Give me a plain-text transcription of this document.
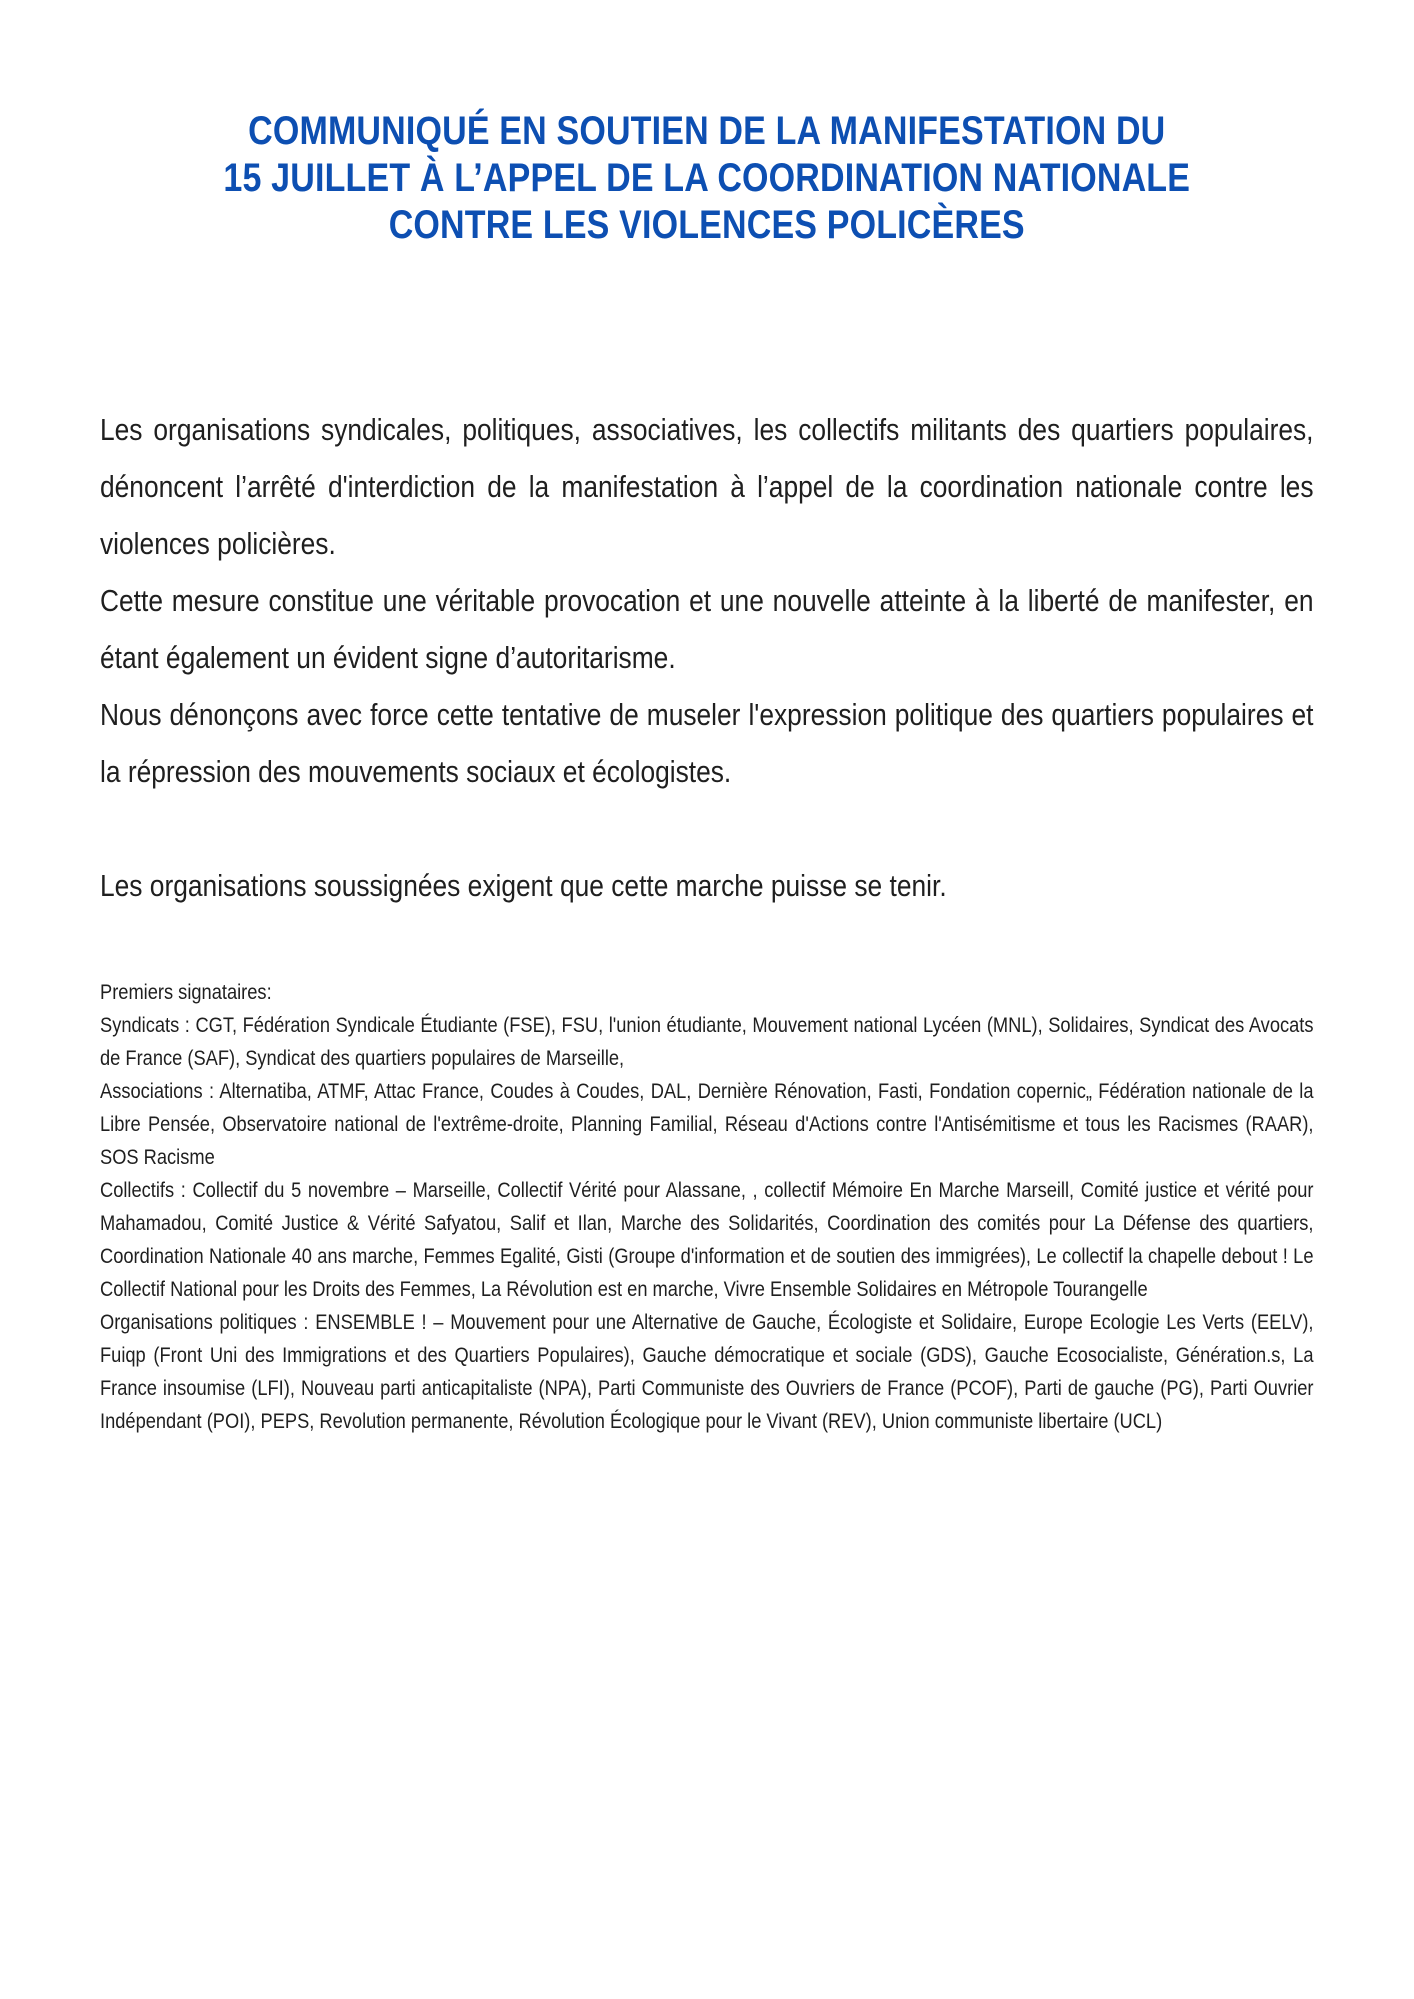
COMMUNIQUÉ EN SOUTIEN DE LA MANIFESTATION DU
15 JUILLET À L’APPEL DE LA COORDINATION NATIONALE
CONTRE LES VIOLENCES POLICÈRES

Les organisations syndicales, politiques, associatives, les collectifs militants des quartiers populaires, dénoncent l’arrêté d'interdiction de la manifestation à l’appel de la coordination nationale contre les violences policières.

Cette mesure constitue une véritable provocation et une nouvelle atteinte à la liberté de manifester, en étant également un évident signe d’autoritarisme.

Nous dénonçons avec force cette tentative de museler l'expression politique des quartiers populaires et la répression des mouvements sociaux et écologistes.

Les organisations soussignées exigent que cette marche puisse se tenir.

Premiers signataires:
Syndicats : CGT, Fédération Syndicale Étudiante (FSE), FSU, l'union étudiante, Mouvement national Lycéen (MNL), Solidaires, Syndicat des Avocats de France (SAF), Syndicat des quartiers populaires de Marseille,
Associations : Alternatiba, ATMF, Attac France, Coudes à Coudes, DAL, Dernière Rénovation, Fasti, Fondation copernic„ Fédération nationale de la Libre Pensée, Observatoire national de l'extrême-droite, Planning Familial, Réseau d'Actions contre l'Antisémitisme et tous les Racismes (RAAR), SOS Racisme
Collectifs : Collectif du 5 novembre – Marseille, Collectif Vérité pour Alassane, , collectif Mémoire En Marche Marseill, Comité justice et vérité pour Mahamadou, Comité Justice & Vérité Safyatou, Salif et Ilan, Marche des Solidarités, Coordination des comités pour La Défense des quartiers, Coordination Nationale 40 ans marche, Femmes Egalité, Gisti (Groupe d'information et de soutien des immigrées), Le collectif la chapelle debout ! Le Collectif National pour les Droits des Femmes, La Révolution est en marche, Vivre Ensemble Solidaires en Métropole Tourangelle
Organisations politiques : ENSEMBLE ! – Mouvement pour une Alternative de Gauche, Écologiste et Solidaire, Europe Ecologie Les Verts (EELV), Fuiqp (Front Uni des Immigrations et des Quartiers Populaires), Gauche démocratique et sociale (GDS), Gauche Ecosocialiste, Génération.s, La France insoumise (LFI), Nouveau parti anticapitaliste (NPA), Parti Communiste des Ouvriers de France (PCOF), Parti de gauche (PG), Parti Ouvrier Indépendant (POI), PEPS, Revolution permanente, Révolution Écologique pour le Vivant (REV), Union communiste libertaire (UCL)
